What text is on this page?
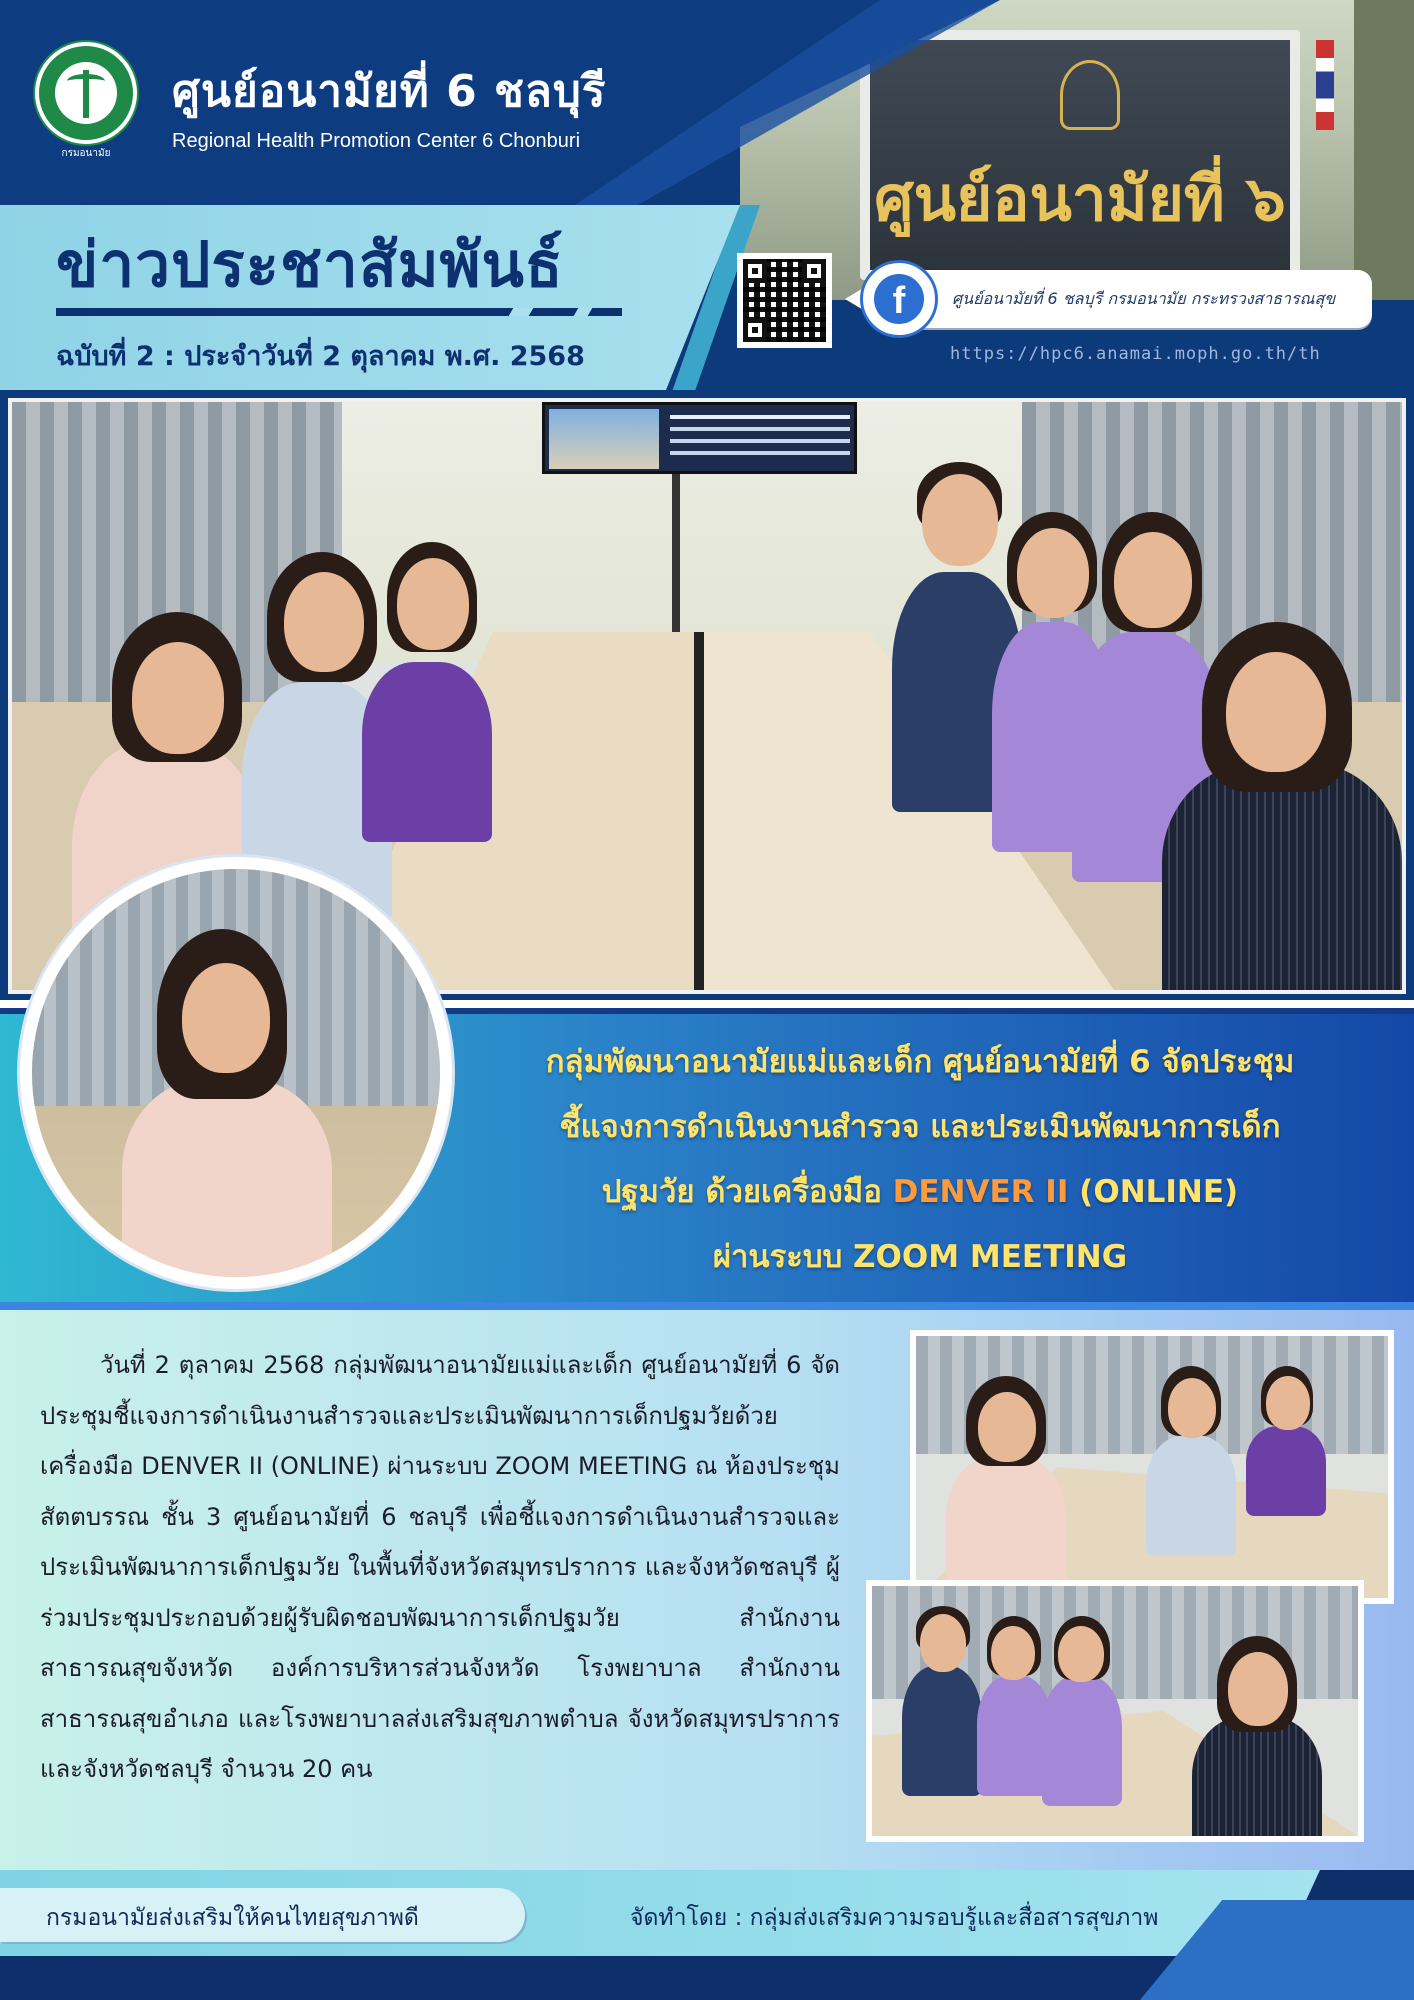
ศูนย์อนามัยที่ ๖
กรมอนามัย
ศูนย์อนามัยที่ 6 ชลบุรี
Regional Health Promotion Center 6 Chonburi
ข่าวประชาสัมพันธ์
ฉบับที่ 2 : ประจำวันที่ 2 ตุลาคม พ.ศ. 2568
f	ศูนย์อนามัยที่ 6 ชลบุรี กรมอนามัย กระทรวงสาธารณสุข
https://hpc6.anamai.moph.go.th/th
กลุ่มพัฒนาอนามัยแม่และเด็ก ศูนย์อนามัยที่ 6 จัดประชุม
ชี้แจงการดำเนินงานสำรวจ และประเมินพัฒนาการเด็ก
ปฐมวัย ด้วยเครื่องมือ DENVER II (ONLINE)
ผ่านระบบ ZOOM MEETING

วันที่ 2 ตุลาคม 2568 กลุ่มพัฒนาอนามัยแม่และเด็ก ศูนย์อนามัยที่ 6 จัดประชุมชี้แจงการดำเนินงานสำรวจและประเมินพัฒนาการเด็กปฐมวัยด้วยเครื่องมือ DENVER II (ONLINE) ผ่านระบบ ZOOM MEETING ณ ห้องประชุมสัตตบรรณ ชั้น 3 ศูนย์อนามัยที่ 6 ชลบุรี เพื่อชี้แจงการดำเนินงานสำรวจและประเมินพัฒนาการเด็กปฐมวัย ในพื้นที่จังหวัดสมุทรปราการ และจังหวัดชลบุรี ผู้ร่วมประชุมประกอบด้วยผู้รับผิดชอบพัฒนาการเด็กปฐมวัย สำนักงานสาธารณสุขจังหวัด องค์การบริหารส่วนจังหวัด โรงพยาบาล สำนักงานสาธารณสุขอำเภอ และโรงพยาบาลส่งเสริมสุขภาพตำบล จังหวัดสมุทรปราการ และจังหวัดชลบุรี จำนวน 20 คน

กรมอนามัยส่งเสริมให้คนไทยสุขภาพดี	จัดทำโดย : กลุ่มส่งเสริมความรอบรู้และสื่อสารสุขภาพ
